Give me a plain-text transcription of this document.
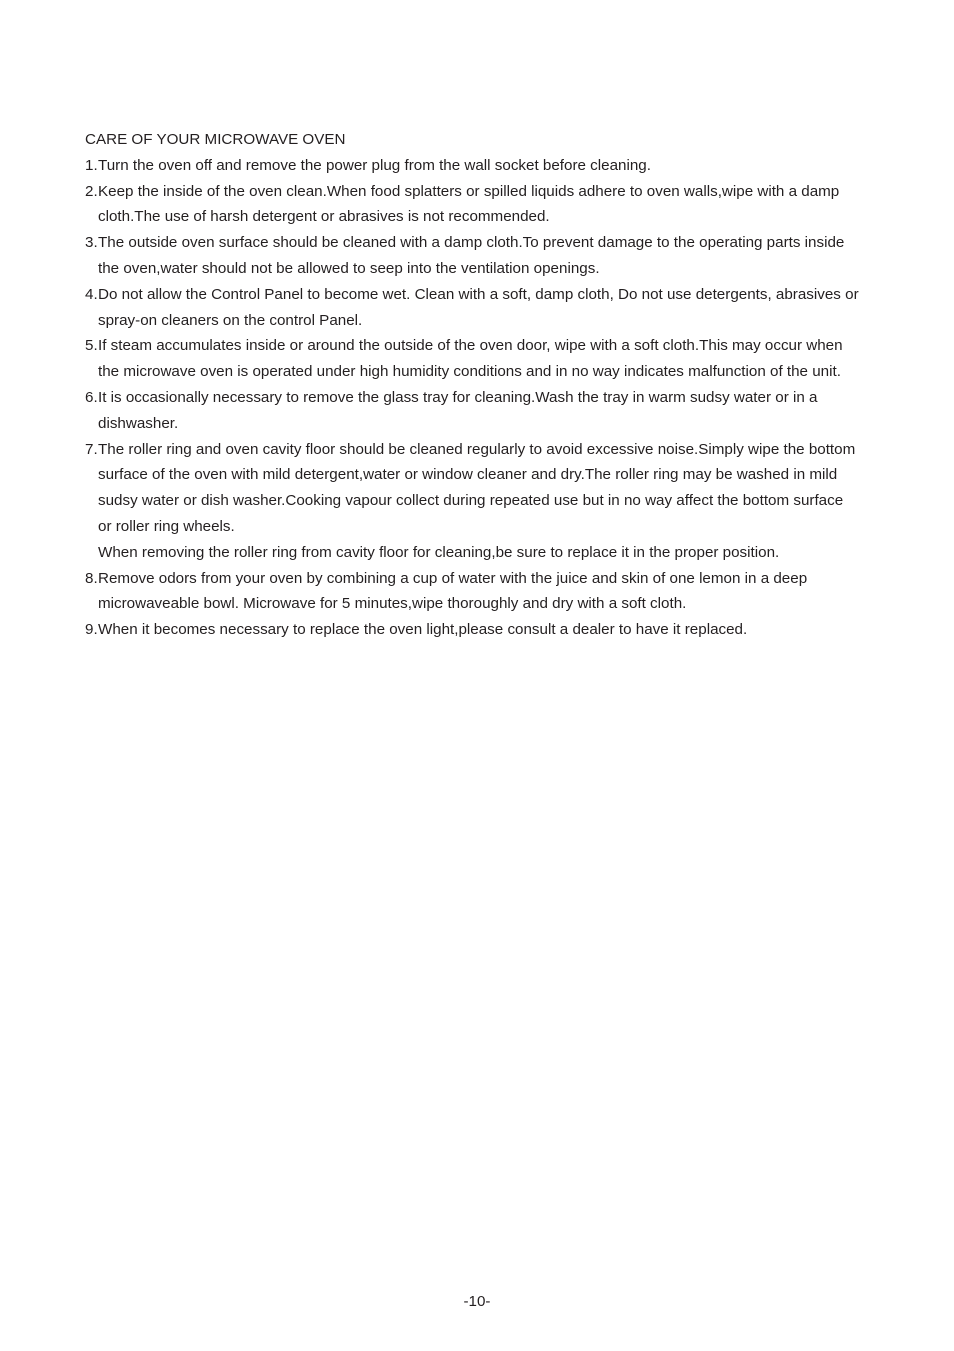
CARE OF YOUR MICROWAVE OVEN
1. Turn the oven off and remove the power plug from the wall socket before cleaning.
2. Keep the inside of the oven clean.When food splatters or spilled liquids adhere to oven walls,wipe with a damp cloth.The use of harsh detergent or abrasives is not recommended.
3. The outside oven surface should be cleaned with a damp cloth.To prevent damage to the operating parts inside the oven,water should not be allowed to seep into the ventilation openings.
4. Do not allow the Control Panel to become wet. Clean with a soft, damp cloth, Do not use detergents, abrasives or spray-on cleaners on the control Panel.
5. If steam accumulates inside or around the outside of the oven door, wipe with a soft cloth.This may occur when the microwave oven is operated under high humidity conditions and in no way indicates malfunction of the unit.
6. It is occasionally necessary to remove the glass tray for cleaning.Wash the tray in warm sudsy water or in a dishwasher.
7. The roller ring and oven cavity floor should be cleaned regularly to avoid excessive noise.Simply wipe the bottom surface of the oven with mild detergent,water or window cleaner and dry.The roller ring may be washed in mild sudsy water or dish washer.Cooking vapour collect during repeated use but in no way affect the bottom surface or roller ring wheels.
When removing the roller ring from cavity floor for cleaning,be sure to replace it in the proper position.
8. Remove odors from your oven by combining a cup of water with the juice and skin of one lemon in a deep microwaveable bowl. Microwave for 5 minutes,wipe thoroughly and dry with a soft cloth.
9. When it becomes necessary to replace the oven light,please consult a dealer to have it replaced.
-10-
